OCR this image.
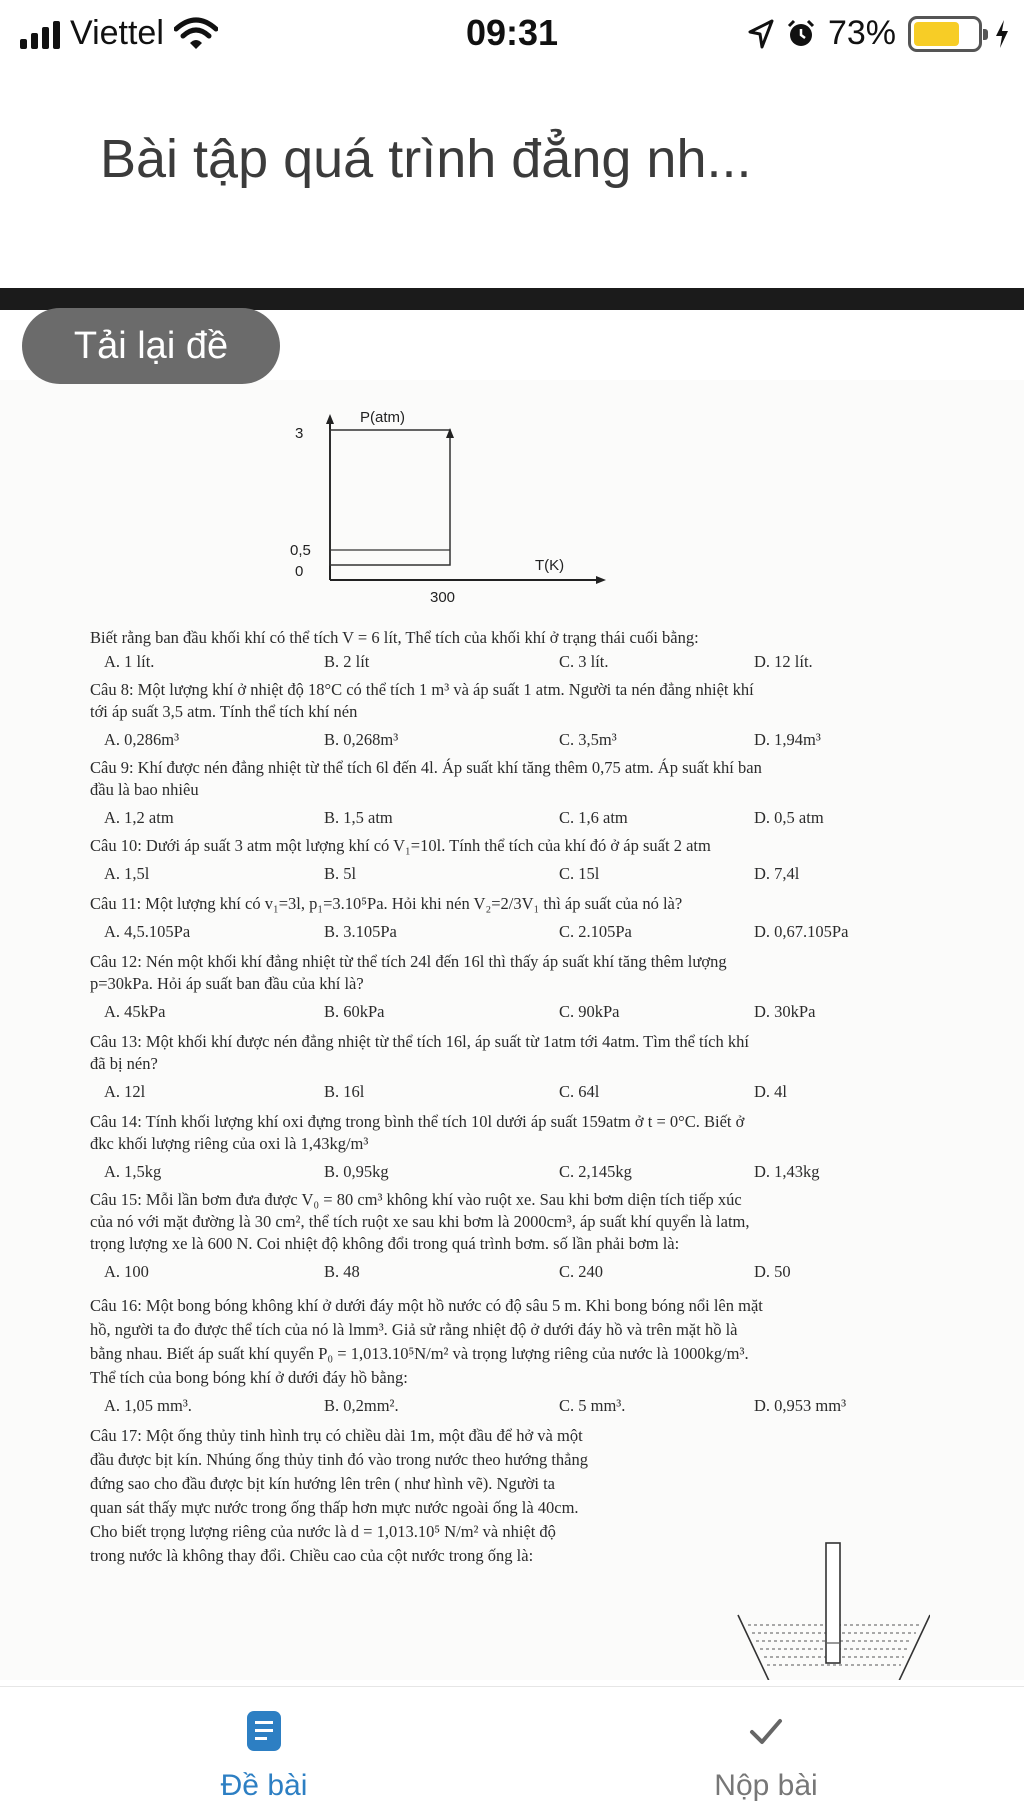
Viettel	09:31	73%
Bài tập quá trình đẳng nh...
P(atm)
3
0,5
0	T(K)
300
Biết rằng ban đầu khối khí có thể tích V = 6 lít, Thể tích của khối khí ở trạng thái cuối bằng:
A. 1 lít.	B. 2 lít	C. 3 lít.	D. 12 lít.
Câu 8: Một lượng khí ở nhiệt độ 18°C có thể tích 1 m³ và áp suất 1 atm. Người ta nén đẳng nhiệt khí
tới áp suất 3,5 atm. Tính thể tích khí nén
A. 0,286m³	B. 0,268m³	C. 3,5m³	D. 1,94m³
Câu 9: Khí được nén đẳng nhiệt từ thể tích 6l đến 4l. Áp suất khí tăng thêm 0,75 atm. Áp suất khí ban
đầu là bao nhiêu
A. 1,2 atm	B. 1,5 atm	C. 1,6 atm	D. 0,5 atm
Câu 10: Dưới áp suất 3 atm một lượng khí có V₁=10l. Tính thể tích của khí đó ở áp suất 2 atm
A. 1,5l	B. 5l	C. 15l	D. 7,4l
Câu 11: Một lượng khí có v₁=3l, p₁=3.10⁵Pa. Hỏi khi nén V₂=2/3V₁ thì áp suất của nó là?
A. 4,5.105Pa	B. 3.105Pa	C. 2.105Pa	D. 0,67.105Pa
Câu 12: Nén một khối khí đẳng nhiệt từ thể tích 24l đến 16l thì thấy áp suất khí tăng thêm lượng
p=30kPa. Hỏi áp suất ban đầu của khí là?
A. 45kPa	B. 60kPa	C. 90kPa	D. 30kPa
Câu 13: Một khối khí được nén đẳng nhiệt từ thể tích 16l, áp suất từ 1atm tới 4atm. Tìm thể tích khí
đã bị nén?
A. 12l	B. 16l	C. 64l	D. 4l
Câu 14: Tính khối lượng khí oxi đựng trong bình thể tích 10l dưới áp suất 159atm ở t = 0°C. Biết ở
đkc khối lượng riêng của oxi là 1,43kg/m³
A. 1,5kg	B. 0,95kg	C. 2,145kg	D. 1,43kg
Câu 15: Mỗi lần bơm đưa được V₀ = 80 cm³ không khí vào ruột xe. Sau khi bơm diện tích tiếp xúc
của nó với mặt đường là 30 cm², thể tích ruột xe sau khi bơm là 2000cm³, áp suất khí quyển là latm,
trọng lượng xe là 600 N. Coi nhiệt độ không đổi trong quá trình bơm. số lần phải bơm là:
A. 100	B. 48	C. 240	D. 50
Câu 16: Một bong bóng không khí ở dưới đáy một hồ nước có độ sâu 5 m. Khi bong bóng nổi lên mặt
hồ, người ta đo được thể tích của nó là lmm³. Giả sử rằng nhiệt độ ở dưới đáy hồ và trên mặt hồ là
bằng nhau. Biết áp suất khí quyển P₀ = 1,013.10⁵N/m² và trọng lượng riêng của nước là 1000kg/m³.
Thể tích của bong bóng khí ở dưới đáy hồ bằng:
A. 1,05 mm³.	B. 0,2mm².	C. 5 mm³.	D. 0,953 mm³
Câu 17: Một ống thủy tinh hình trụ có chiều dài 1m, một đầu để hở và một
đầu được bịt kín. Nhúng ống thủy tinh đó vào trong nước theo hướng thẳng
đứng sao cho đầu được bịt kín hướng lên trên ( như hình vẽ). Người ta
quan sát thấy mực nước trong ống thấp hơn mực nước ngoài ống là 40cm.
Cho biết trọng lượng riêng của nước là d = 1,013.10⁵ N/m² và nhiệt độ
trong nước là không thay đổi. Chiều cao của cột nước trong ống là:
Tải lại đề
Đề bài	Nộp bài
